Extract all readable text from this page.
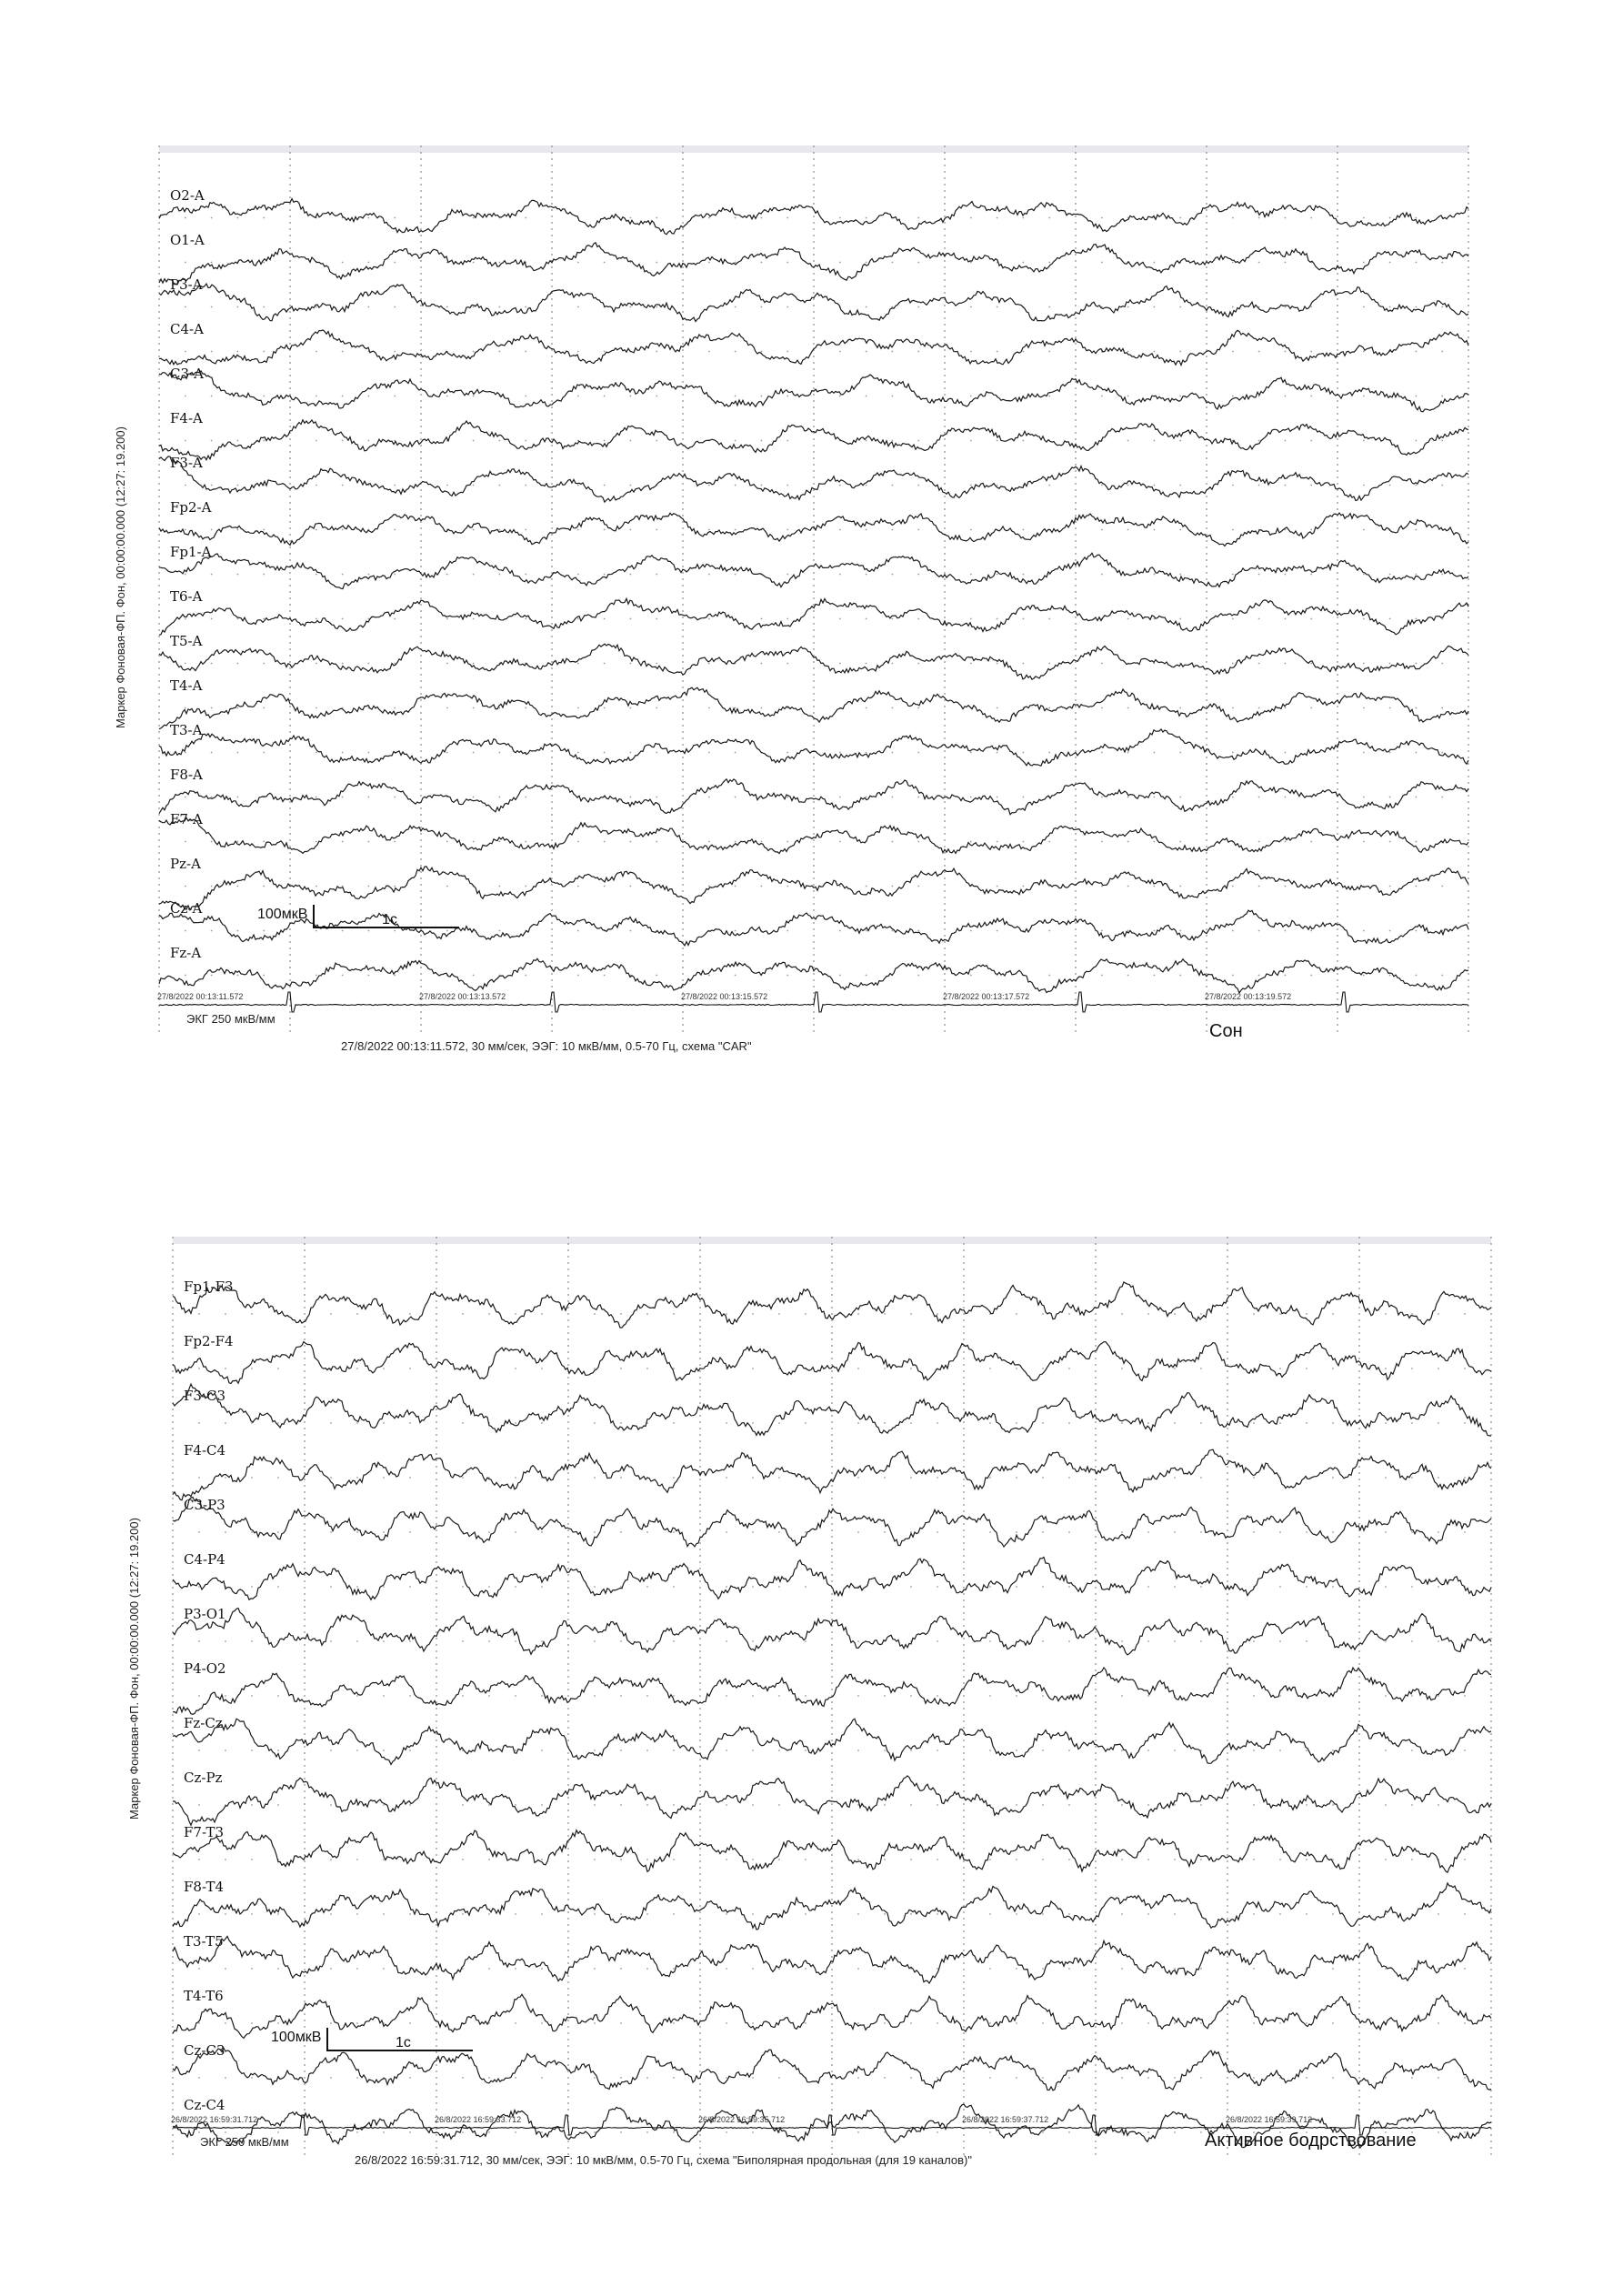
Маркер Фоновая-ФП. Фон, 00:00:00.000 (12:27: 19.200)
O2-A
O1-A
P3-A
C4-A
C3-A
F4-A
F3-A
Fp2-A
Fp1-A
T6-A
T5-A
T4-A
T3-A
F8-A
F7-A
Pz-A
Cz-A
Fz-A
100мкВ	1с
ЭКГ 250 мкВ/мм
27/8/2022 00:13:11.572	27/8/2022 00:13:13.572	27/8/2022 00:13:15.572	27/8/2022 00:13:17.572	27/8/2022 00:13:19.572
27/8/2022 00:13:11.572, 30 мм/сек, ЭЭГ: 10 мкВ/мм, 0.5-70 Гц, схема "CAR"
Сон
Маркер Фоновая-ФП. Фон, 00:00:00.000 (12:27: 19.200)
Fp1-F3
Fp2-F4
F3-C3
F4-C4
C3-P3
C4-P4
P3-O1
P4-O2
Fz-Cz
Cz-Pz
F7-T3
F8-T4
T3-T5
T4-T6
Cz-C3
Cz-C4
100мкВ	1с
ЭКГ 250 мкВ/мм
26/8/2022 16:59:31.712	26/8/2022 16:59:33.712	26/8/2022 16:59:35.712	26/8/2022 16:59:37.712	26/8/2022 16:59:39.712
26/8/2022 16:59:31.712, 30 мм/сек, ЭЭГ: 10 мкВ/мм, 0.5-70 Гц, схема "Биполярная продольная (для 19 каналов)"
Активное бодрствование
